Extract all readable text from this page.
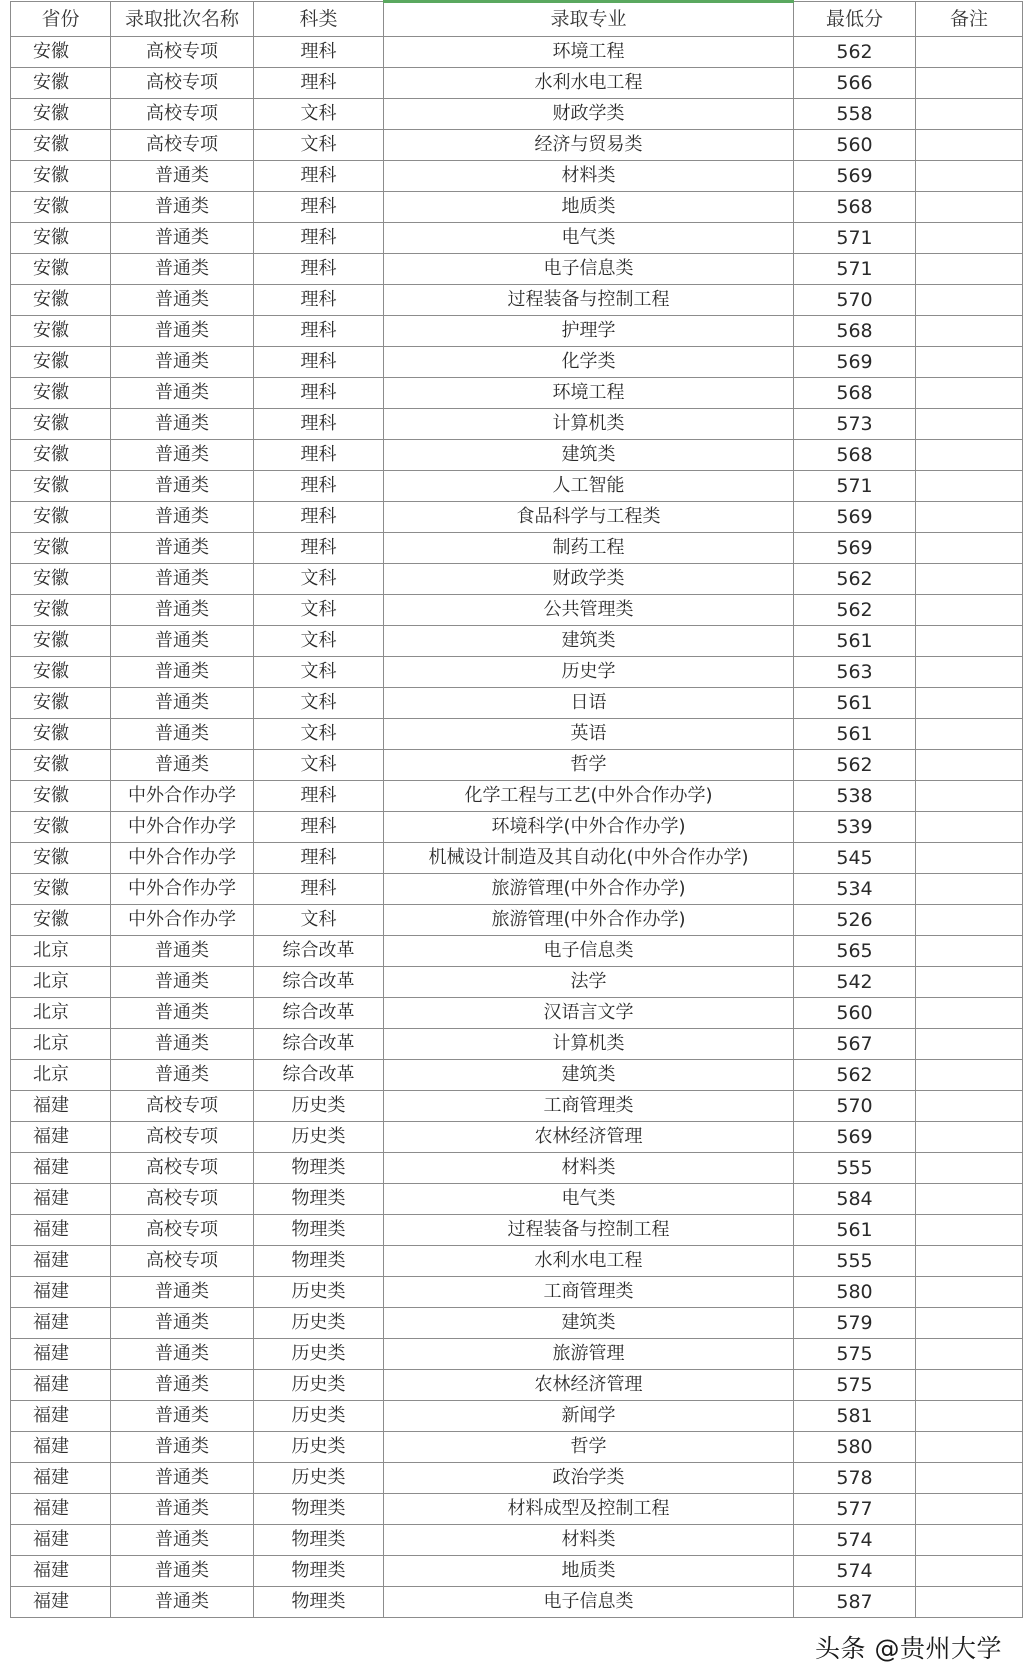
省份	录取批次名称	科类	录取专业	最低分	备注
安徽	高校专项	理科	环境工程	562	
安徽	高校专项	理科	水利水电工程	566	
安徽	高校专项	文科	财政学类	558	
安徽	高校专项	文科	经济与贸易类	560	
安徽	普通类	理科	材料类	569	
安徽	普通类	理科	地质类	568	
安徽	普通类	理科	电气类	571	
安徽	普通类	理科	电子信息类	571	
安徽	普通类	理科	过程装备与控制工程	570	
安徽	普通类	理科	护理学	568	
安徽	普通类	理科	化学类	569	
安徽	普通类	理科	环境工程	568	
安徽	普通类	理科	计算机类	573	
安徽	普通类	理科	建筑类	568	
安徽	普通类	理科	人工智能	571	
安徽	普通类	理科	食品科学与工程类	569	
安徽	普通类	理科	制药工程	569	
安徽	普通类	文科	财政学类	562	
安徽	普通类	文科	公共管理类	562	
安徽	普通类	文科	建筑类	561	
安徽	普通类	文科	历史学	563	
安徽	普通类	文科	日语	561	
安徽	普通类	文科	英语	561	
安徽	普通类	文科	哲学	562	
安徽	中外合作办学	理科	化学工程与工艺(中外合作办学)	538	
安徽	中外合作办学	理科	环境科学(中外合作办学)	539	
安徽	中外合作办学	理科	机械设计制造及其自动化(中外合作办学)	545	
安徽	中外合作办学	理科	旅游管理(中外合作办学)	534	
安徽	中外合作办学	文科	旅游管理(中外合作办学)	526	
北京	普通类	综合改革	电子信息类	565	
北京	普通类	综合改革	法学	542	
北京	普通类	综合改革	汉语言文学	560	
北京	普通类	综合改革	计算机类	567	
北京	普通类	综合改革	建筑类	562	
福建	高校专项	历史类	工商管理类	570	
福建	高校专项	历史类	农林经济管理	569	
福建	高校专项	物理类	材料类	555	
福建	高校专项	物理类	电气类	584	
福建	高校专项	物理类	过程装备与控制工程	561	
福建	高校专项	物理类	水利水电工程	555	
福建	普通类	历史类	工商管理类	580	
福建	普通类	历史类	建筑类	579	
福建	普通类	历史类	旅游管理	575	
福建	普通类	历史类	农林经济管理	575	
福建	普通类	历史类	新闻学	581	
福建	普通类	历史类	哲学	580	
福建	普通类	历史类	政治学类	578	
福建	普通类	物理类	材料成型及控制工程	577	
福建	普通类	物理类	材料类	574	
福建	普通类	物理类	地质类	574	
福建	普通类	物理类	电子信息类	587	
头条 @贵州大学
